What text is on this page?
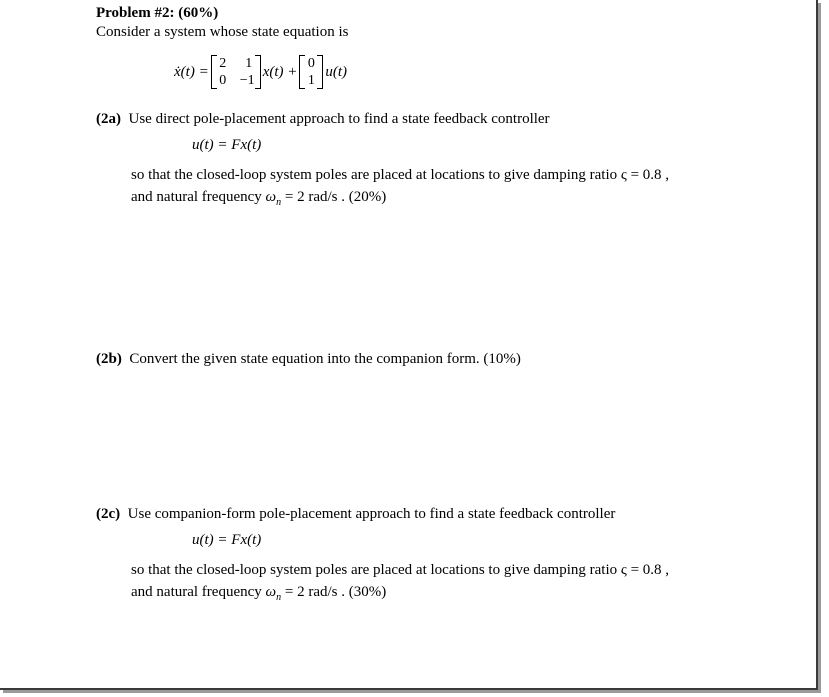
Problem #2: (60%)
Consider a system whose state equation is
ẋ(t) = 2 1
0 −1
x(t) + 0
1
u(t)
(2a) Use direct pole-placement approach to find a state feedback controller
u(t) = Fx(t)
so that the closed-loop system poles are placed at locations to give damping ratio ς = 0.8 ,
and natural frequency $\omega_n = 2$ rad/s . (20%)
(2b) Convert the given state equation into the companion form. (10%)
(2c) Use companion-form pole-placement approach to find a state feedback controller
u(t) = Fx(t)
so that the closed-loop system poles are placed at locations to give damping ratio ς = 0.8 ,
and natural frequency $\omega_n = 2$ rad/s . (30%)
